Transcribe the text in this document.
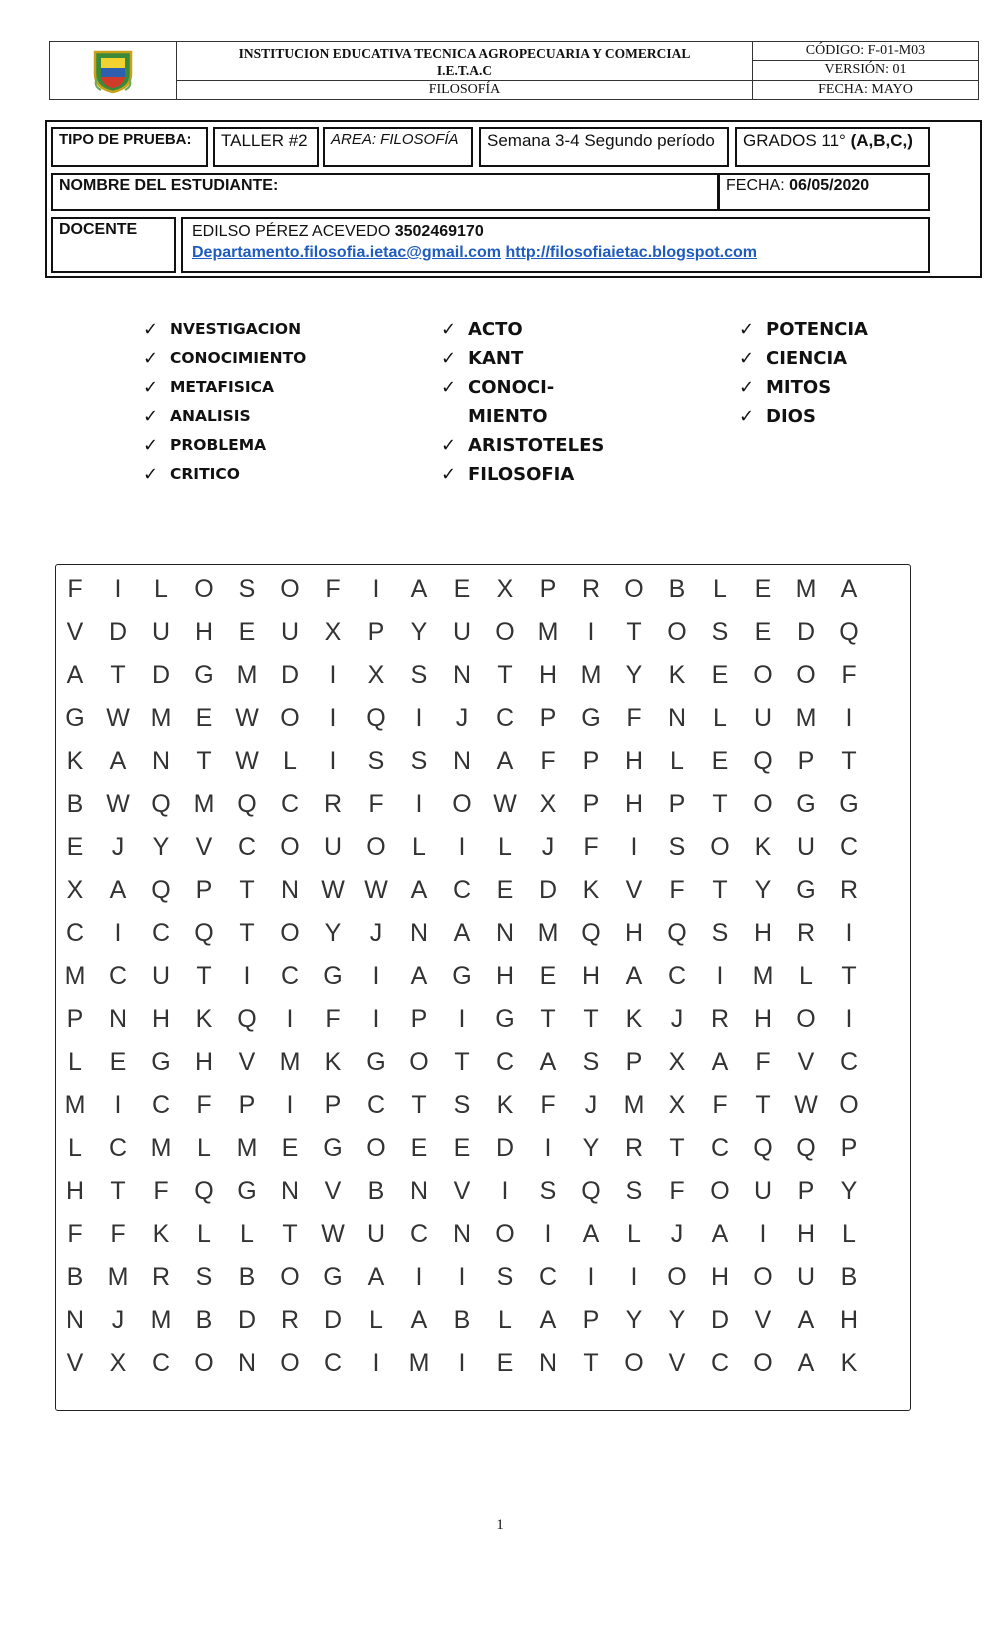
INSTITUCION EDUCATIVA TECNICA AGROPECUARIA Y COMERCIAL
I.E.T.A.C
FILOSOFÍA
CÓDIGO: F-01-M03
VERSIÓN: 01
FECHA: MAYO
TIPO DE PRUEBA:	TALLER #2	AREA: FILOSOFÍA	Semana 3-4 Segundo período	GRADOS 11° (A,B,C,)
NOMBRE DEL ESTUDIANTE:	FECHA: 06/05/2020
DOCENTE	EDILSO PÉREZ ACEVEDO 3502469170
Departamento.filosofia.ietac@gmail.com http://filosofiaietac.blogspot.com
✓ NVESTIGACION
✓ CONOCIMIENTO
✓ METAFISICA
✓ ANALISIS
✓ PROBLEMA
✓ CRITICO
✓ ACTO
✓ KANT
✓ CONOCI-
MIENTO
✓ ARISTOTELES
✓ FILOSOFIA
✓ POTENCIA
✓ CIENCIA
✓ MITOS
✓ DIOS
F	I	L	O S O	F	I	A	E	X	P	R O B	L	E M A
V	D U H	E	U	X	P	Y	U O M	I	T	O S	E	D Q
A	T	D G M D	I	X	S	N	T	H M Y	K	E O O	F
G W M E W O	I	Q	I	J	C	P G	F	N	L	U M	I
K	A	N	T W L	I	S	S	N	A	F	P	H	L	E Q P	T
B W Q M Q C R	F	I	O W X	P	H	P	T	O G G
E	J	Y	V	C O U O	L	I	L	J	F	I	S O K	U C
X	A Q P	T	N W W A	C	E	D	K	V	F	T	Y G R
C	I	C Q	T	O Y	J	N	A	N M Q H Q S	H R	I
M C U	T	I	C G	I	A G H	E	H	A	C	I	M	L	T
P	N H	K Q	I	F	I	P	I	G	T	T	K	J	R H O	I
L	E G H	V M K G O	T	C	A	S	P	X	A	F	V	C
M	I	C	F	P	I	P	C	T	S	K	F	J	M X	F	T W O
L	C M	L	M E G O E	E	D	I	Y	R	T	C Q Q P
H	T	F	Q G N	V	B	N	V	I	S Q S	F	O U	P	Y
F	F	K	L	L	T W U C N O	I	A	L	J	A	I	H	L
B M R	S	B O G A	I	I	S	C	I	I	O H O U	B
N	J	M B	D R D	L	A	B	L	A	P	Y	Y	D	V	A	H
V	X	C O N O C	I	M	I	E	N	T	O V	C O A	K
1
